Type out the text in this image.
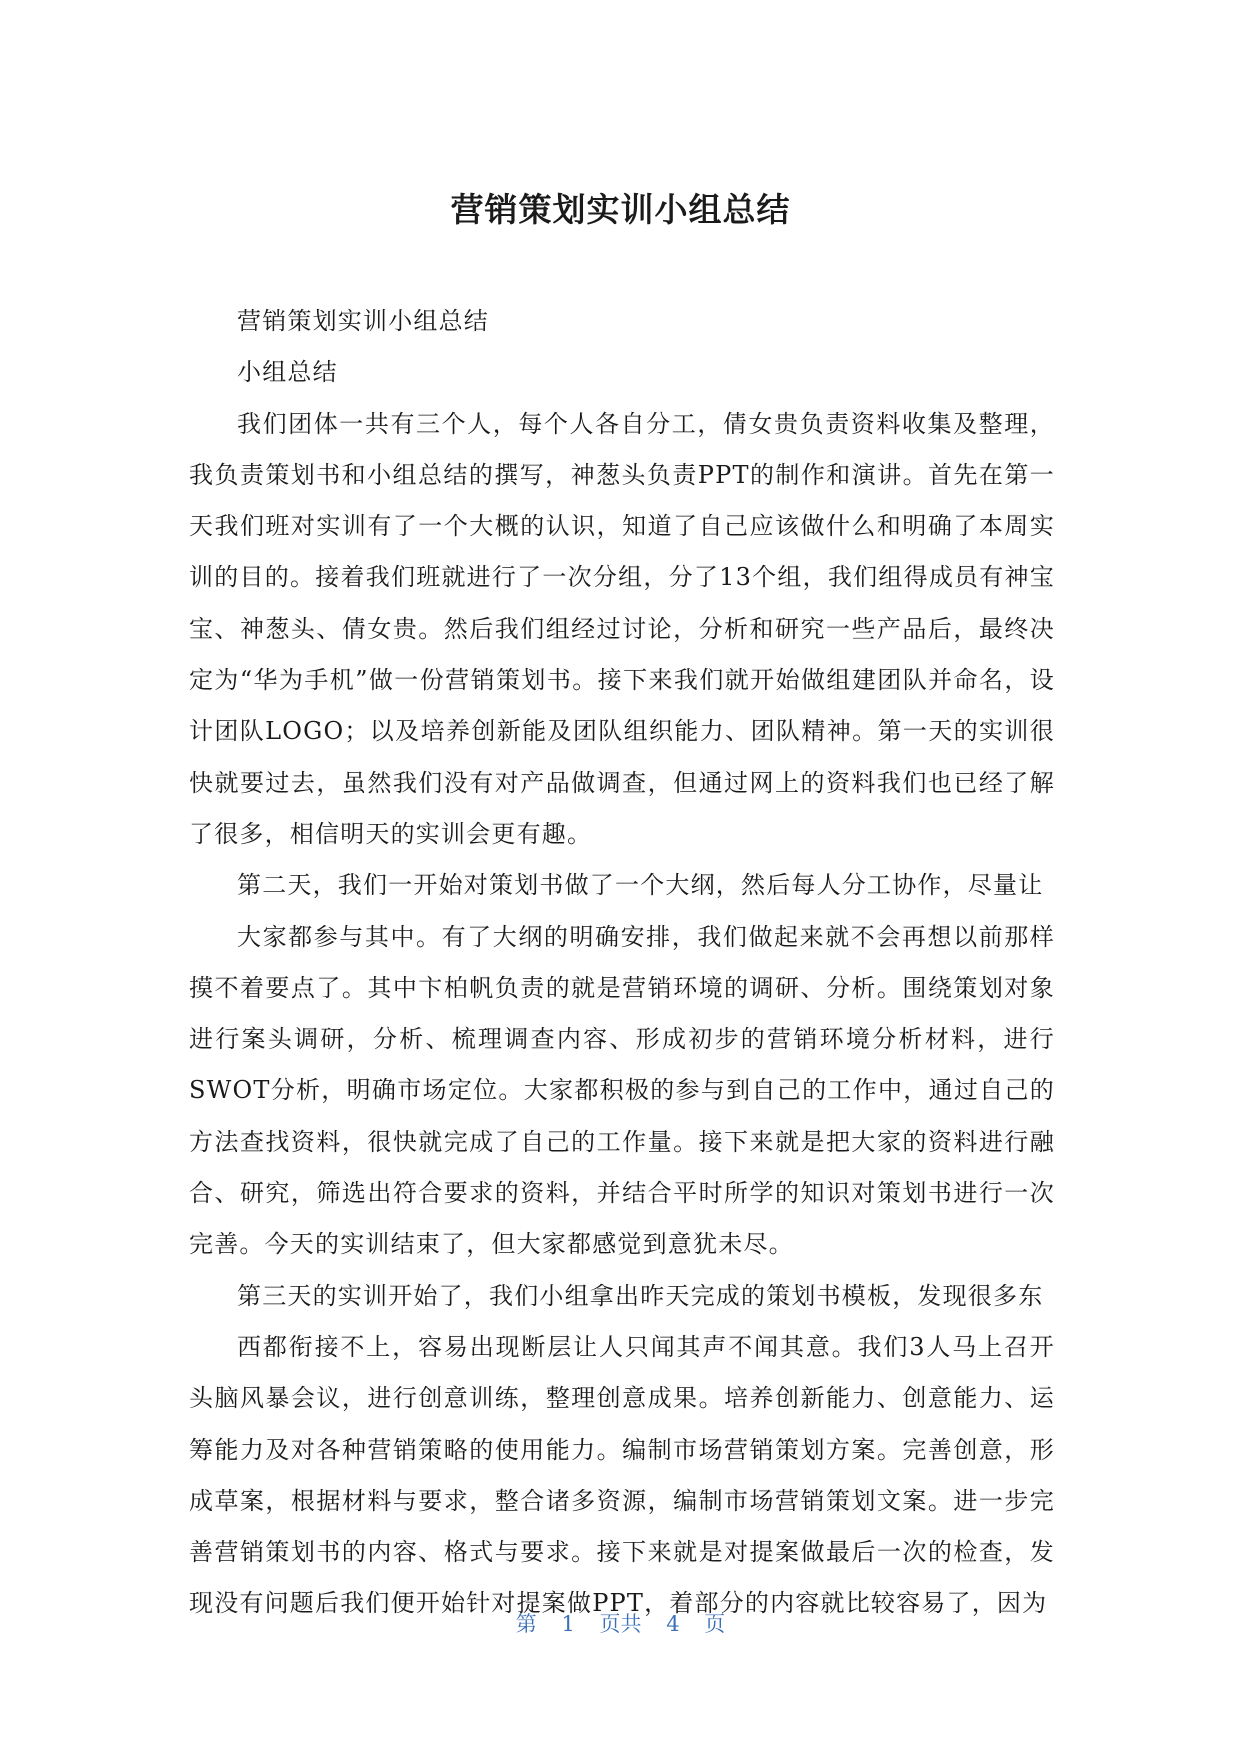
营销策划实训小组总结

营销策划实训小组总结

小组总结

我们团体一共有三个人，每个人各自分工，倩女贵负责资料收集及整理，我负责策划书和小组总结的撰写，神葱头负责PPT的制作和演讲。首先在第一天我们班对实训有了一个大概的认识，知道了自己应该做什么和明确了本周实训的目的。接着我们班就进行了一次分组，分了13个组，我们组得成员有神宝宝、神葱头、倩女贵。然后我们组经过讨论，分析和研究一些产品后，最终决定为“华为手机”做一份营销策划书。接下来我们就开始做组建团队并命名，设计团队LOGO；以及培养创新能及团队组织能力、团队精神。第一天的实训很快就要过去，虽然我们没有对产品做调查，但通过网上的资料我们也已经了解了很多，相信明天的实训会更有趣。

第二天，我们一开始对策划书做了一个大纲，然后每人分工协作，尽量让

大家都参与其中。有了大纲的明确安排，我们做起来就不会再想以前那样摸不着要点了。其中卞柏帆负责的就是营销环境的调研、分析。围绕策划对象进行案头调研，分析、梳理调查内容、形成初步的营销环境分析材料，进行SWOT分析，明确市场定位。大家都积极的参与到自己的工作中，通过自己的方法查找资料，很快就完成了自己的工作量。接下来就是把大家的资料进行融合、研究，筛选出符合要求的资料，并结合平时所学的知识对策划书进行一次完善。今天的实训结束了，但大家都感觉到意犹未尽。

第三天的实训开始了，我们小组拿出昨天完成的策划书模板，发现很多东

西都衔接不上，容易出现断层让人只闻其声不闻其意。我们3人马上召开头脑风暴会议，进行创意训练，整理创意成果。培养创新能力、创意能力、运筹能力及对各种营销策略的使用能力。编制市场营销策划方案。完善创意，形成草案，根据材料与要求，整合诸多资源，编制市场营销策划文案。进一步完善营销策划书的内容、格式与要求。接下来就是对提案做最后一次的检查，发现没有问题后我们便开始针对提案做PPT，着部分的内容就比较容易了，因为

第 1 页共 4 页
